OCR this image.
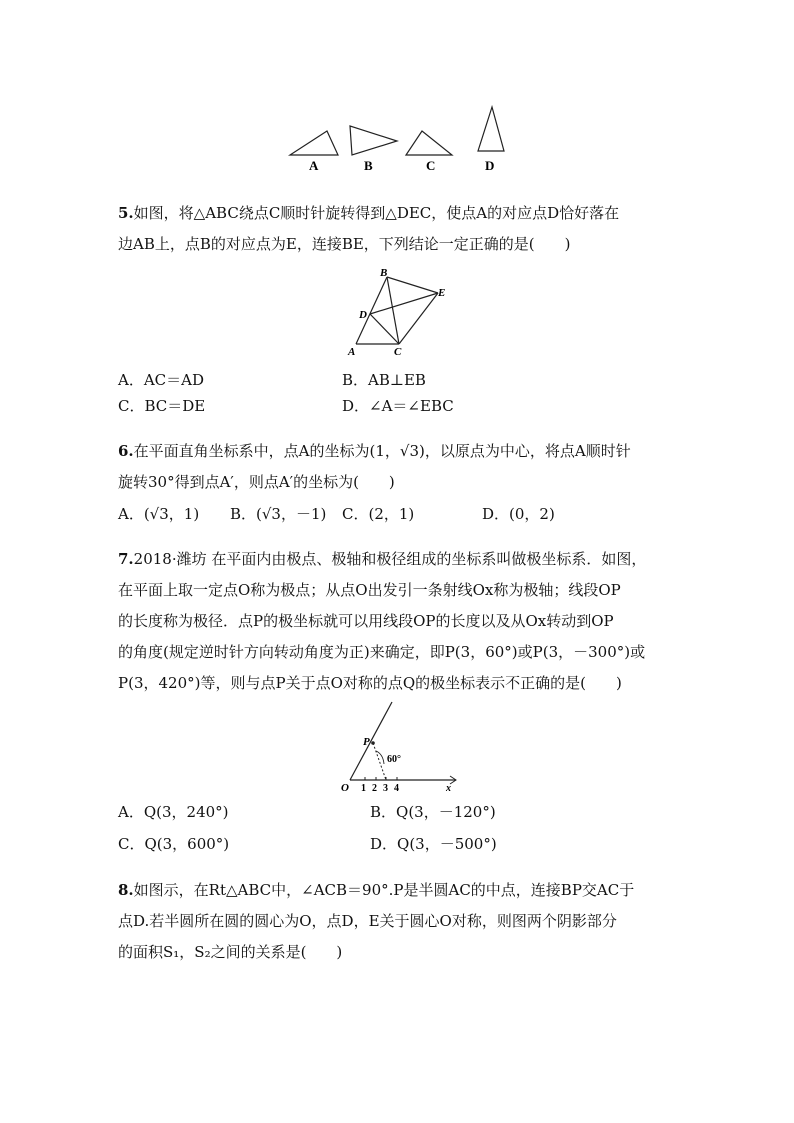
A	B	C	D
5.如图，将△ABC绕点C顺时针旋转得到△DEC，使点A的对应点D恰好落在
边AB上，点B的对应点为E，连接BE，下列结论一定正确的是(　　)
B
E
D
A	C
A．AC＝AD	B．AB⊥EB
C．BC＝DE	D．∠A＝∠EBC
6.在平面直角坐标系中，点A的坐标为(1，√3)，以原点为中心，将点A顺时针
旋转30°得到点A′，则点A′的坐标为(　　)
A．(√3，1) B．(√3，－1) C．(2，1)	D．(0，2)
7.2018·潍坊 在平面内由极点、极轴和极径组成的坐标系叫做极坐标系．如图，
在平面上取一定点O称为极点；从点O出发引一条射线Ox称为极轴；线段OP
的长度称为极径．点P的极坐标就可以用线段OP的长度以及从Ox转动到OP
的角度(规定逆时针方向转动角度为正)来确定，即P(3，60°)或P(3，－300°)或
P(3，420°)等，则与点P关于点O对称的点Q的极坐标表示不正确的是(　　)
P
60°
O 1 2 3 4	x
A．Q(3，240°)	B．Q(3，－120°)
C．Q(3，600°)	D．Q(3，－500°)
8.如图示，在Rt△ABC中，∠ACB＝90°.P是半圆AC的中点，连接BP交AC于
点D.若半圆所在圆的圆心为O，点D，E关于圆心O对称，则图两个阴影部分
的面积S₁，S₂之间的关系是(　　)
